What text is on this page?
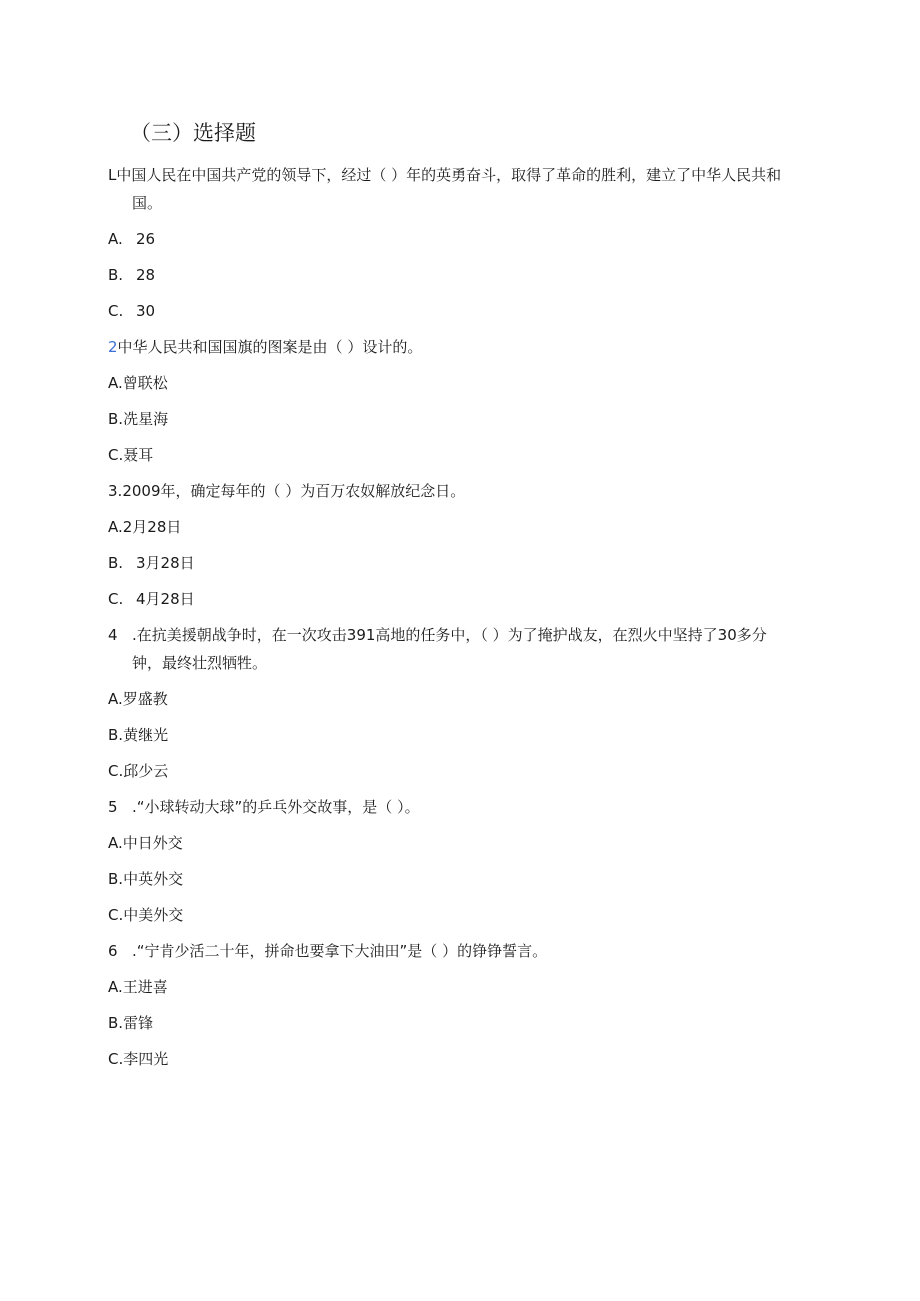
（三）选择题
L中国人民在中国共产党的领导下，经过（ ）年的英勇奋斗，取得了革命的胜利，建立了中华人民共和
国。
A. 26
B. 28
C. 30
2中华人民共和国国旗的图案是由（ ）设计的。
A.曾联松
B.冼星海
C.聂耳
3.2009年，确定每年的（ ）为百万农奴解放纪念日。
A.2月28日
B. 3月28日
C. 4月28日
4 .在抗美援朝战争时，在一次攻击391高地的任务中，（ ）为了掩护战友，在烈火中坚持了30多分
钟，最终壮烈牺牲。
A.罗盛教
B.黄继光
C.邱少云
5 .“小球转动大球”的乒乓外交故事，是（ ）。
A.中日外交
B.中英外交
C.中美外交
6 .“宁肯少活二十年，拼命也要拿下大油田”是（ ）的铮铮誓言。
A.王进喜
B.雷锋
C.李四光
